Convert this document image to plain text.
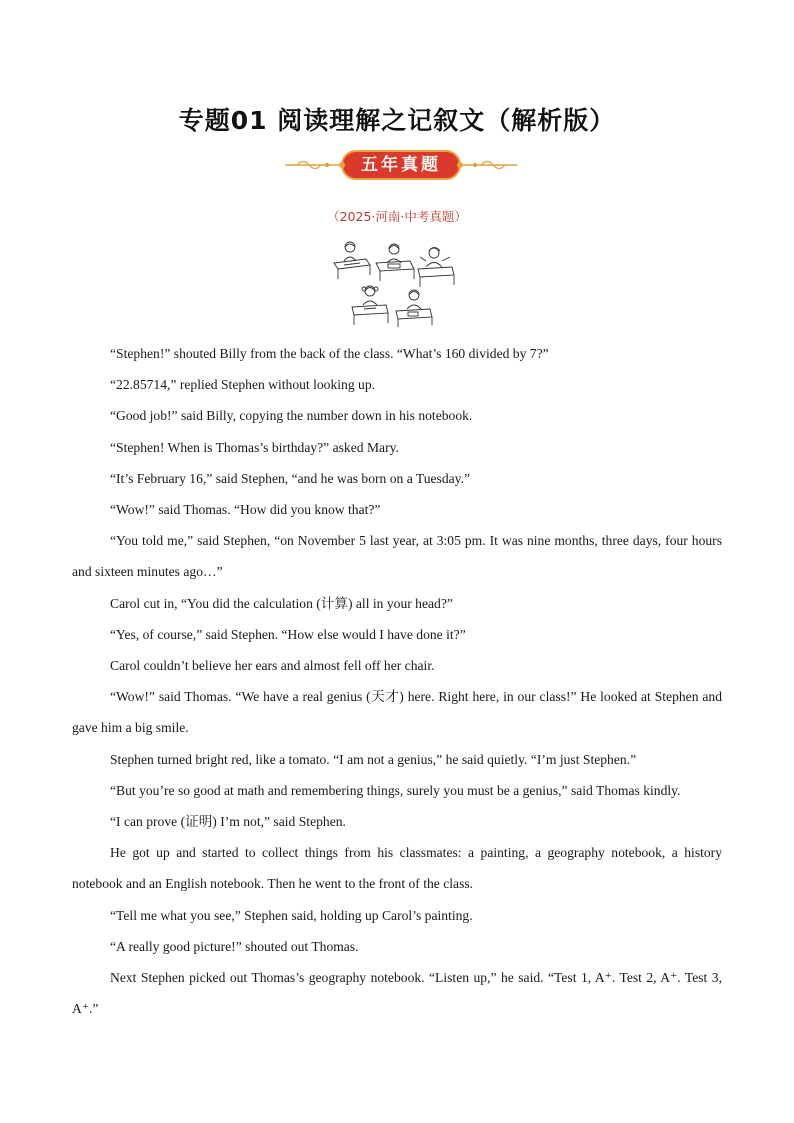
专题01 阅读理解之记叙文（解析版）
五年真题
（2025·河南·中考真题）

“Stephen!” shouted Billy from the back of the class. “What’s 160 divided by 7?”

“22.85714,” replied Stephen without looking up.

“Good job!” said Billy, copying the number down in his notebook.

“Stephen! When is Thomas’s birthday?” asked Mary.

“It’s February 16,” said Stephen, “and he was born on a Tuesday.”

“Wow!” said Thomas. “How did you know that?”

“You told me,” said Stephen, “on November 5 last year, at 3:05 pm. It was nine months, three days, four hours and sixteen minutes ago…”

Carol cut in, “You did the calculation (计算) all in your head?”

“Yes, of course,” said Stephen. “How else would I have done it?”

Carol couldn’t believe her ears and almost fell off her chair.

“Wow!” said Thomas. “We have a real genius (天才) here. Right here, in our class!” He looked at Stephen and gave him a big smile.

Stephen turned bright red, like a tomato. “I am not a genius,” he said quietly. “I’m just Stephen.”

“But you’re so good at math and remembering things, surely you must be a genius,” said Thomas kindly.

“I can prove (证明) I’m not,” said Stephen.

He got up and started to collect things from his classmates: a painting, a geography notebook, a history notebook and an English notebook. Then he went to the front of the class.

“Tell me what you see,” Stephen said, holding up Carol’s painting.

“A really good picture!” shouted out Thomas.

Next Stephen picked out Thomas’s geography notebook. “Listen up,” he said. “Test 1, A⁺. Test 2, A⁺. Test 3, A⁺.”
